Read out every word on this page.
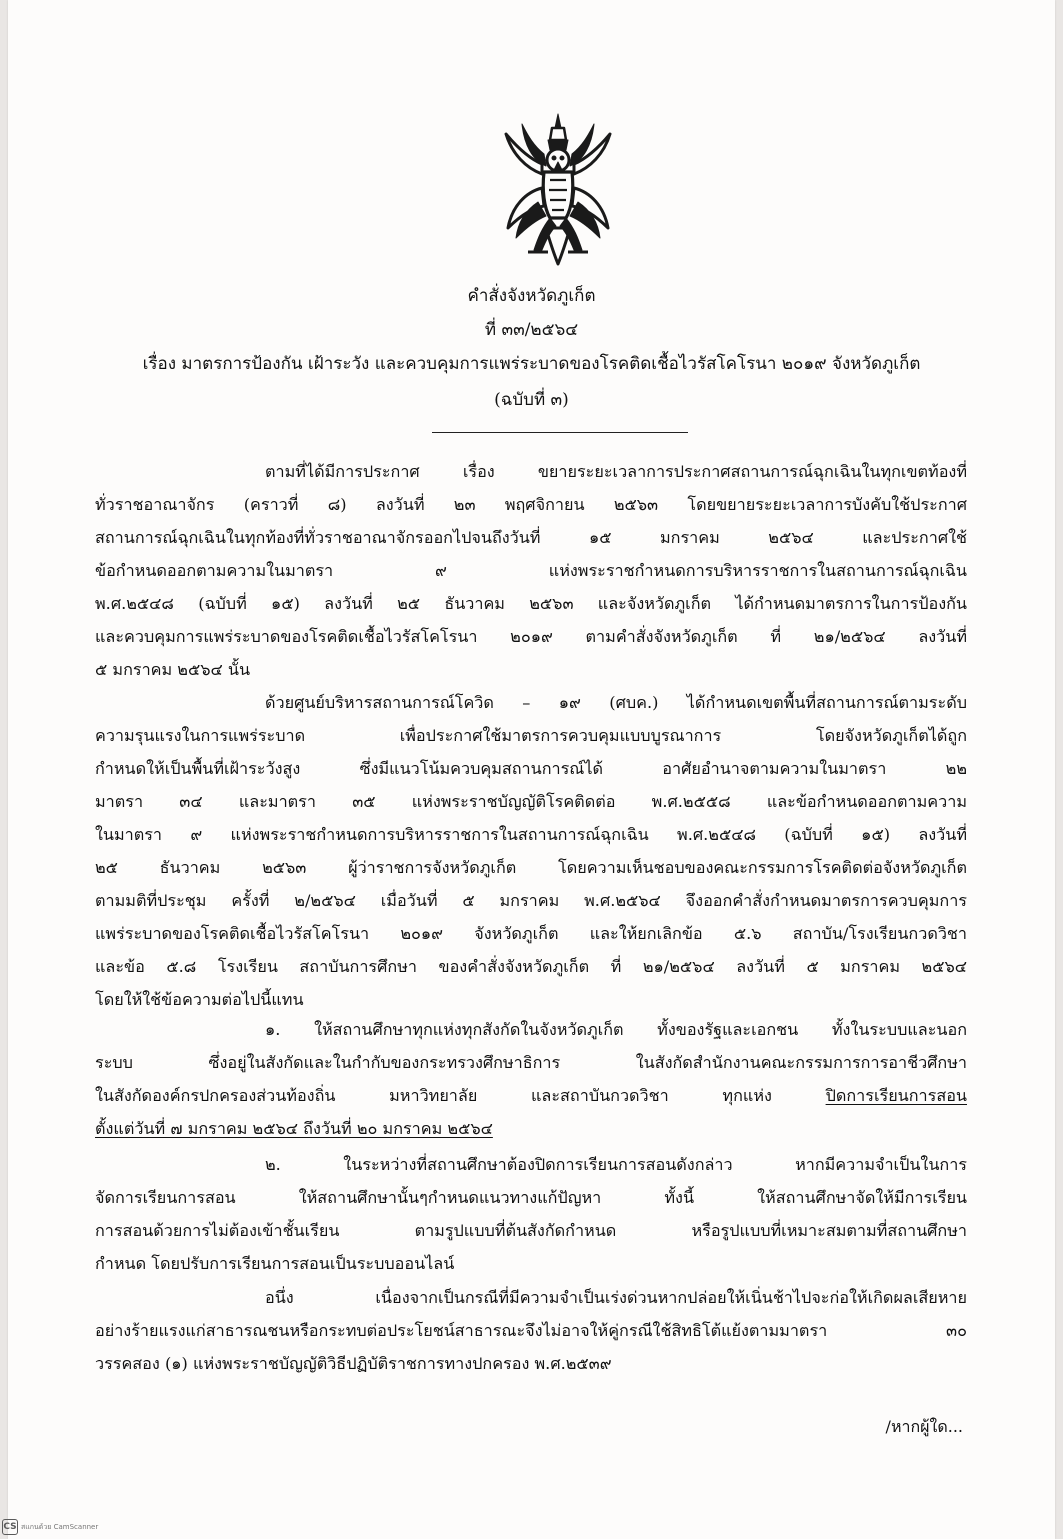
คำสั่งจังหวัดภูเก็ต
ที่ ๓๓/๒๕๖๔
เรื่อง มาตรการป้องกัน เฝ้าระวัง และควบคุมการแพร่ระบาดของโรคติดเชื้อไวรัสโคโรนา ๒๐๑๙ จังหวัดภูเก็ต
(ฉบับที่ ๓)
ตามที่ได้มีการประกาศ เรื่อง ขยายระยะเวลาการประกาศสถานการณ์ฉุกเฉินในทุกเขตท้องที่
ทั่วราชอาณาจักร (คราวที่ ๘) ลงวันที่ ๒๓ พฤศจิกายน ๒๕๖๓ โดยขยายระยะเวลาการบังคับใช้ประกาศ
สถานการณ์ฉุกเฉินในทุกท้องที่ทั่วราชอาณาจักรออกไปจนถึงวันที่ ๑๕ มกราคม ๒๕๖๔ และประกาศใช้
ข้อกำหนดออกตามความในมาตรา ๙ แห่งพระราชกำหนดการบริหารราชการในสถานการณ์ฉุกเฉิน
พ.ศ.๒๕๔๘ (ฉบับที่ ๑๕) ลงวันที่ ๒๕ ธันวาคม ๒๕๖๓ และจังหวัดภูเก็ต ได้กำหนดมาตรการในการป้องกัน
และควบคุมการแพร่ระบาดของโรคติดเชื้อไวรัสโคโรนา ๒๐๑๙ ตามคำสั่งจังหวัดภูเก็ต ที่ ๒๑/๒๕๖๔ ลงวันที่
๕ มกราคม ๒๕๖๔ นั้น
ด้วยศูนย์บริหารสถานการณ์โควิด – ๑๙ (ศบค.) ได้กำหนดเขตพื้นที่สถานการณ์ตามระดับ
ความรุนแรงในการแพร่ระบาด เพื่อประกาศใช้มาตรการควบคุมแบบบูรณาการ โดยจังหวัดภูเก็ตได้ถูก
กำหนดให้เป็นพื้นที่เฝ้าระวังสูง ซึ่งมีแนวโน้มควบคุมสถานการณ์ได้ อาศัยอำนาจตามความในมาตรา ๒๒
มาตรา ๓๔ และมาตรา ๓๕ แห่งพระราชบัญญัติโรคติดต่อ พ.ศ.๒๕๕๘ และข้อกำหนดออกตามความ
ในมาตรา ๙ แห่งพระราชกำหนดการบริหารราชการในสถานการณ์ฉุกเฉิน พ.ศ.๒๕๔๘ (ฉบับที่ ๑๕) ลงวันที่
๒๕ ธันวาคม ๒๕๖๓ ผู้ว่าราชการจังหวัดภูเก็ต โดยความเห็นชอบของคณะกรรมการโรคติดต่อจังหวัดภูเก็ต
ตามมติที่ประชุม ครั้งที่ ๒/๒๕๖๔ เมื่อวันที่ ๕ มกราคม พ.ศ.๒๕๖๔ จึงออกคำสั่งกำหนดมาตรการควบคุมการ
แพร่ระบาดของโรคติดเชื้อไวรัสโคโรนา ๒๐๑๙ จังหวัดภูเก็ต และให้ยกเลิกข้อ ๕.๖ สถาบัน/โรงเรียนกวดวิชา
และข้อ ๕.๘ โรงเรียน สถาบันการศึกษา ของคำสั่งจังหวัดภูเก็ต ที่ ๒๑/๒๕๖๔ ลงวันที่ ๕ มกราคม ๒๕๖๔
โดยให้ใช้ข้อความต่อไปนี้แทน
๑. ให้สถานศึกษาทุกแห่งทุกสังกัดในจังหวัดภูเก็ต ทั้งของรัฐและเอกชน ทั้งในระบบและนอก
ระบบ ซึ่งอยู่ในสังกัดและในกำกับของกระทรวงศึกษาธิการ ในสังกัดสำนักงานคณะกรรมการการอาชีวศึกษา
ในสังกัดองค์กรปกครองส่วนท้องถิ่น มหาวิทยาลัย และสถาบันกวดวิชา ทุกแห่ง ปิดการเรียนการสอน
ตั้งแต่วันที่ ๗ มกราคม ๒๕๖๔ ถึงวันที่ ๒๐ มกราคม ๒๕๖๔
๒. ในระหว่างที่สถานศึกษาต้องปิดการเรียนการสอนดังกล่าว หากมีความจำเป็นในการ
จัดการเรียนการสอน ให้สถานศึกษานั้นๆกำหนดแนวทางแก้ปัญหา ทั้งนี้ ให้สถานศึกษาจัดให้มีการเรียน
การสอนด้วยการไม่ต้องเข้าชั้นเรียน ตามรูปแบบที่ต้นสังกัดกำหนด หรือรูปแบบที่เหมาะสมตามที่สถานศึกษา
กำหนด โดยปรับการเรียนการสอนเป็นระบบออนไลน์
อนึ่ง เนื่องจากเป็นกรณีที่มีความจำเป็นเร่งด่วนหากปล่อยให้เนิ่นช้าไปจะก่อให้เกิดผลเสียหาย
อย่างร้ายแรงแก่สาธารณชนหรือกระทบต่อประโยชน์สาธารณะจึงไม่อาจให้คู่กรณีใช้สิทธิโต้แย้งตามมาตรา ๓๐
วรรคสอง (๑) แห่งพระราชบัญญัติวิธีปฏิบัติราชการทางปกครอง พ.ศ.๒๕๓๙
/หากผู้ใด...
CS สแกนด้วย CamScanner
